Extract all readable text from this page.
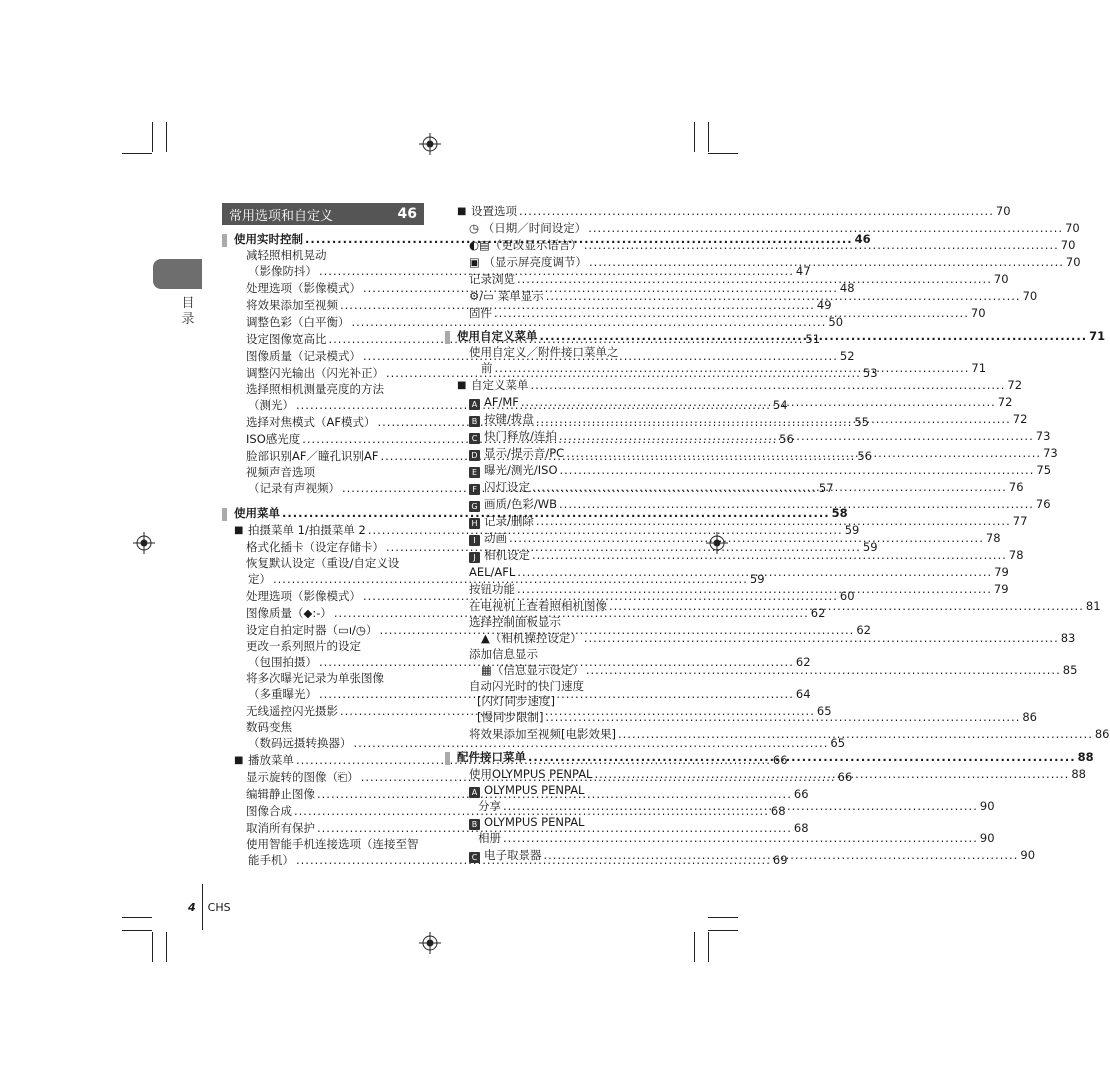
目
录
常用选项和自定义	46
使用实时控制 .....	46
减轻照相机晃动
（影像防抖） .....	47
处理选项（影像模式） .....	48
将效果添加至视频 .....	49
调整色彩（白平衡） .....	50
设定图像宽高比 .....	51
图像质量（记录模式） .....	52
调整闪光输出（闪光补正） .....	53
选择照相机测量亮度的方法
（测光） .....	54
选择对焦模式（AF模式） .....	55
ISO感光度 .....	56
脸部识别AF／瞳孔识别AF .....	56
视频声音选项
（记录有声视频） .....	57
使用菜单 .....	58
■ 拍摄菜单 1/拍摄菜单 2 .....	59
格式化插卡（设定存储卡） .....	59
恢复默认设定（重设/自定义设
定） .....	59
处理选项（影像模式） .....	60
图像质量（◆:-） .....	62
设定自拍定时器（▭ı/◷） .....	62
更改一系列照片的设定
（包围拍摄） .....	62
将多次曝光记录为单张图像
（多重曝光） .....	64
无线遥控闪光摄影 .....	65
数码变焦
（数码远摄转换器） .....	65
■ 播放菜单 .....	66
显示旋转的图像（⎗） .....	66
编辑静止图像 .....	66
图像合成 .....	68
取消所有保护 .....	68
使用智能手机连接选项（连接至智
能手机） .....	69
■ 设置选项 .....	70
◷ （日期／时间设定） .....	70
◐▤（更改显示语言） .....	70
▣ （显示屏亮度调节） .....	70
记录浏览 .....	70
⚙/▭ 菜单显示 .....	70
固件 .....	70
使用自定义菜单 .....	71
使用自定义／附件接口菜单之
前 .....	71
■ 自定义菜单 .....	72
A AF/MF .....	72
B 按键/拨盘 .....	72
C 快门释放/连拍 .....	73
D 显示/提示音/PC .....	73
E 曝光/测光/ISO .....	75
F 闪灯设定 .....	76
G 画质/色彩/WB .....	76
H 记录/删除 .....	77
I 动画 .....	78
J 相机设定 .....	78
AEL/AFL .....	79
按钮功能 .....	79
在电视机上查看照相机图像 .....	81
选择控制面板显示
▲（相机操控设定） .....	83
添加信息显示
▦（信息显示设定） .....	85
自动闪光时的快门速度
[闪灯同步速度]
[慢同步限制] .....	86
将效果添加至视频[电影效果] .....	86
配件接口菜单 .....	88
使用OLYMPUS PENPAL .....	88
A OLYMPUS PENPAL
分享 .....	90
B OLYMPUS PENPAL
相册 .....	90
C 电子取景器 .....	90
4 CHS
